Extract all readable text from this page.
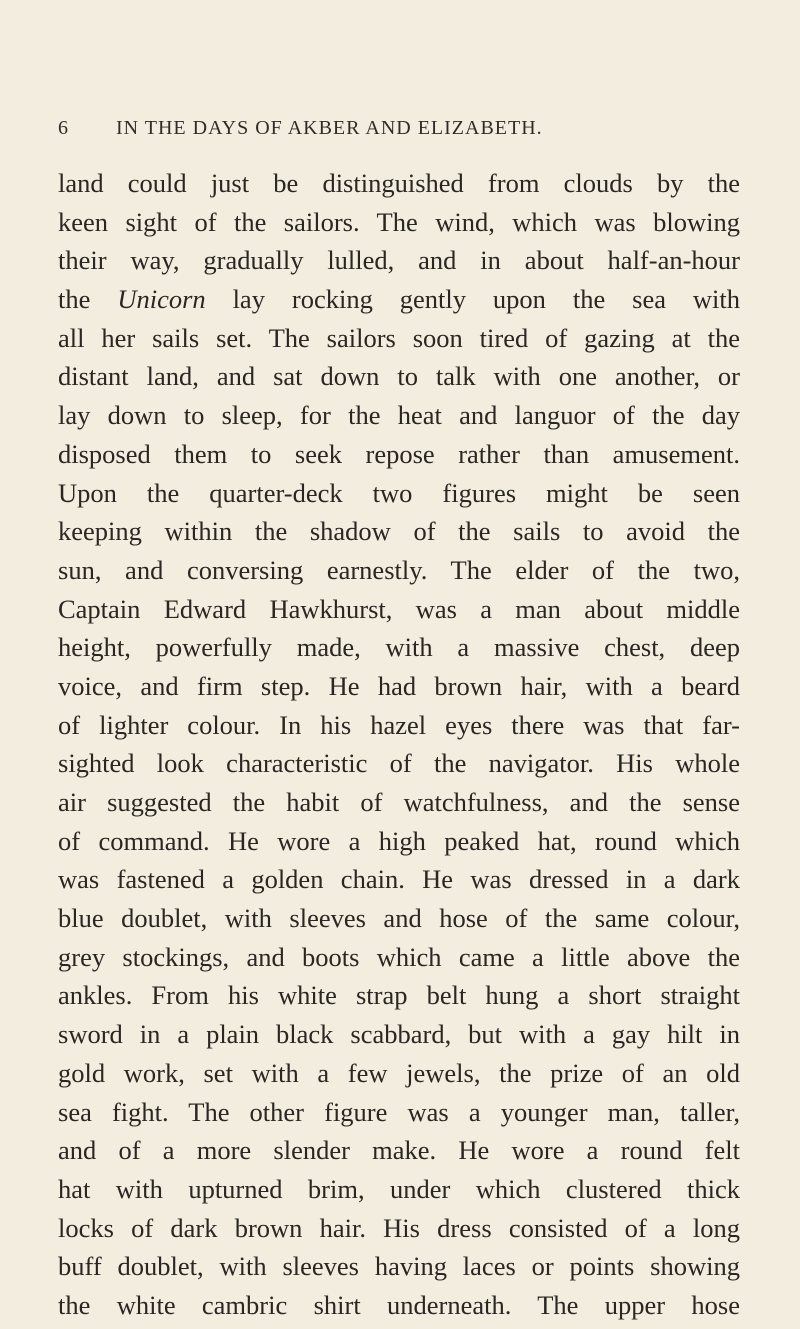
6 IN THE DAYS OF AKBER AND ELIZABETH.
land could just be distinguished from clouds by the
keen sight of the sailors. The wind, which was blowing
their way, gradually lulled, and in about half-an-hour
the Unicorn lay rocking gently upon the sea with
all her sails set. The sailors soon tired of gazing at the
distant land, and sat down to talk with one another, or
lay down to sleep, for the heat and languor of the day
disposed them to seek repose rather than amusement.
Upon the quarter-deck two figures might be seen
keeping within the shadow of the sails to avoid the
sun, and conversing earnestly. The elder of the two,
Captain Edward Hawkhurst, was a man about middle
height, powerfully made, with a massive chest, deep
voice, and firm step. He had brown hair, with a beard
of lighter colour. In his hazel eyes there was that far-
sighted look characteristic of the navigator. His whole
air suggested the habit of watchfulness, and the sense
of command. He wore a high peaked hat, round which
was fastened a golden chain. He was dressed in a dark
blue doublet, with sleeves and hose of the same colour,
grey stockings, and boots which came a little above the
ankles. From his white strap belt hung a short straight
sword in a plain black scabbard, but with a gay hilt in
gold work, set with a few jewels, the prize of an old
sea fight. The other figure was a younger man, taller,
and of a more slender make. He wore a round felt
hat with upturned brim, under which clustered thick
locks of dark brown hair. His dress consisted of a long
buff doublet, with sleeves having laces or points showing
the white cambric shirt underneath. The upper hose
